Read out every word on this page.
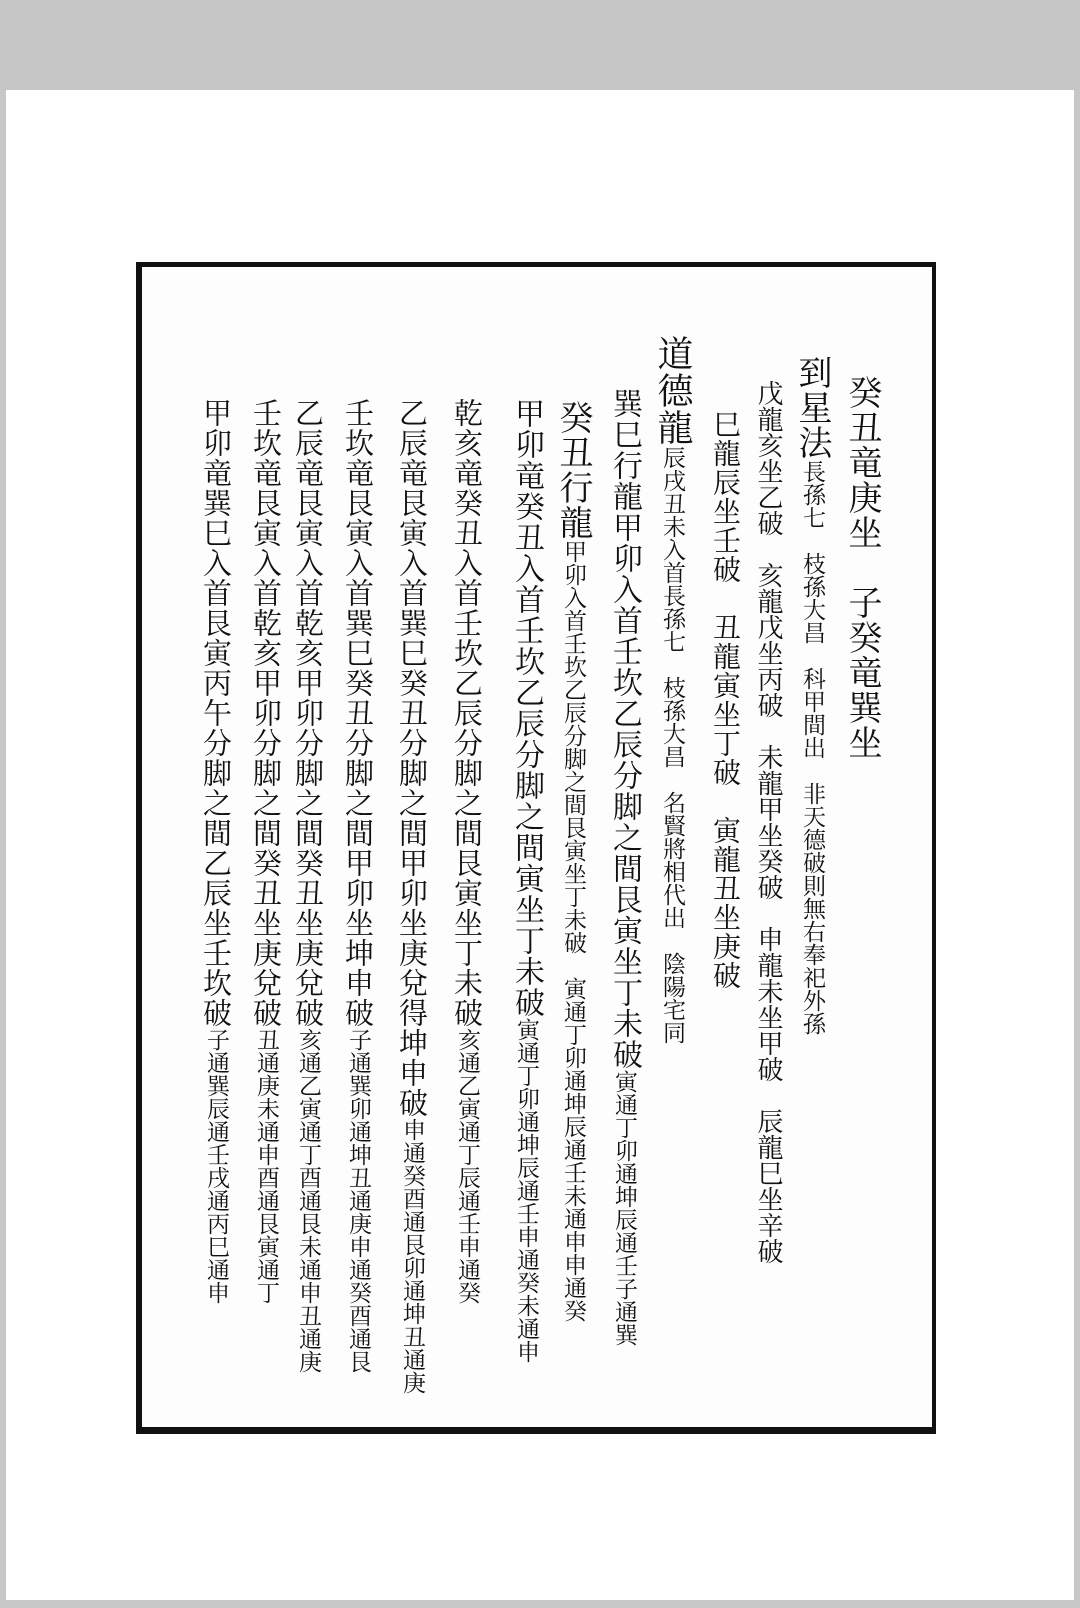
癸丑竜庚坐　子癸竜巽坐
到星法長孫七　枝孫大昌　科甲間出　非天德破則無右奉祀外孫
戊龍亥坐乙破　亥龍戊坐丙破　未龍甲坐癸破　申龍未坐甲破　辰龍巳坐辛破
巳龍辰坐壬破　丑龍寅坐丁破　寅龍丑坐庚破
道德龍辰戌丑未入首長孫七　枝孫大昌　名賢將相代出　陰陽宅同
巽巳行龍甲卯入首壬坎乙辰分脚之間艮寅坐丁未破寅通丁卯通坤辰通壬子通巽
癸丑行龍甲卯入首壬坎乙辰分脚之間艮寅坐丁未破　寅通丁卯通坤辰通壬未通申申通癸
甲卯竜癸丑入首壬坎乙辰分脚之間寅坐丁未破寅通丁卯通坤辰通壬申通癸未通申
乾亥竜癸丑入首壬坎乙辰分脚之間艮寅坐丁未破亥通乙寅通丁辰通壬申通癸
乙辰竜艮寅入首巽巳癸丑分脚之間甲卯坐庚兌得坤申破申通癸酉通艮卯通坤丑通庚
壬坎竜艮寅入首巽巳癸丑分脚之間甲卯坐坤申破子通巽卯通坤丑通庚申通癸酉通艮
乙辰竜艮寅入首乾亥甲卯分脚之間癸丑坐庚兌破亥通乙寅通丁酉通艮未通申丑通庚
壬坎竜艮寅入首乾亥甲卯分脚之間癸丑坐庚兌破丑通庚未通申酉通艮寅通丁
甲卯竜巽巳入首艮寅丙午分脚之間乙辰坐壬坎破子通巽辰通壬戌通丙巳通申
